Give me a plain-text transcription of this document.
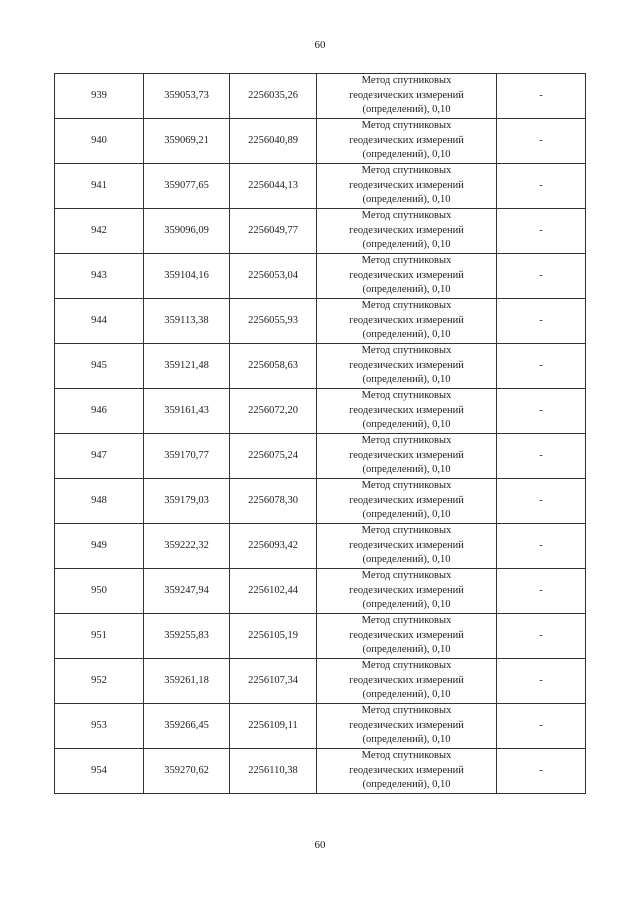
60
939	359053,73	2256035,26	Метод спутниковых
геодезических измерений
(определений), 0,10	-
940	359069,21	2256040,89	Метод спутниковых
геодезических измерений
(определений), 0,10	-
941	359077,65	2256044,13	Метод спутниковых
геодезических измерений
(определений), 0,10	-
942	359096,09	2256049,77	Метод спутниковых
геодезических измерений
(определений), 0,10	-
943	359104,16	2256053,04	Метод спутниковых
геодезических измерений
(определений), 0,10	-
944	359113,38	2256055,93	Метод спутниковых
геодезических измерений
(определений), 0,10	-
945	359121,48	2256058,63	Метод спутниковых
геодезических измерений
(определений), 0,10	-
946	359161,43	2256072,20	Метод спутниковых
геодезических измерений
(определений), 0,10	-
947	359170,77	2256075,24	Метод спутниковых
геодезических измерений
(определений), 0,10	-
948	359179,03	2256078,30	Метод спутниковых
геодезических измерений
(определений), 0,10	-
949	359222,32	2256093,42	Метод спутниковых
геодезических измерений
(определений), 0,10	-
950	359247,94	2256102,44	Метод спутниковых
геодезических измерений
(определений), 0,10	-
951	359255,83	2256105,19	Метод спутниковых
геодезических измерений
(определений), 0,10	-
952	359261,18	2256107,34	Метод спутниковых
геодезических измерений
(определений), 0,10	-
953	359266,45	2256109,11	Метод спутниковых
геодезических измерений
(определений), 0,10	-
954	359270,62	2256110,38	Метод спутниковых
геодезических измерений
(определений), 0,10	-
60
